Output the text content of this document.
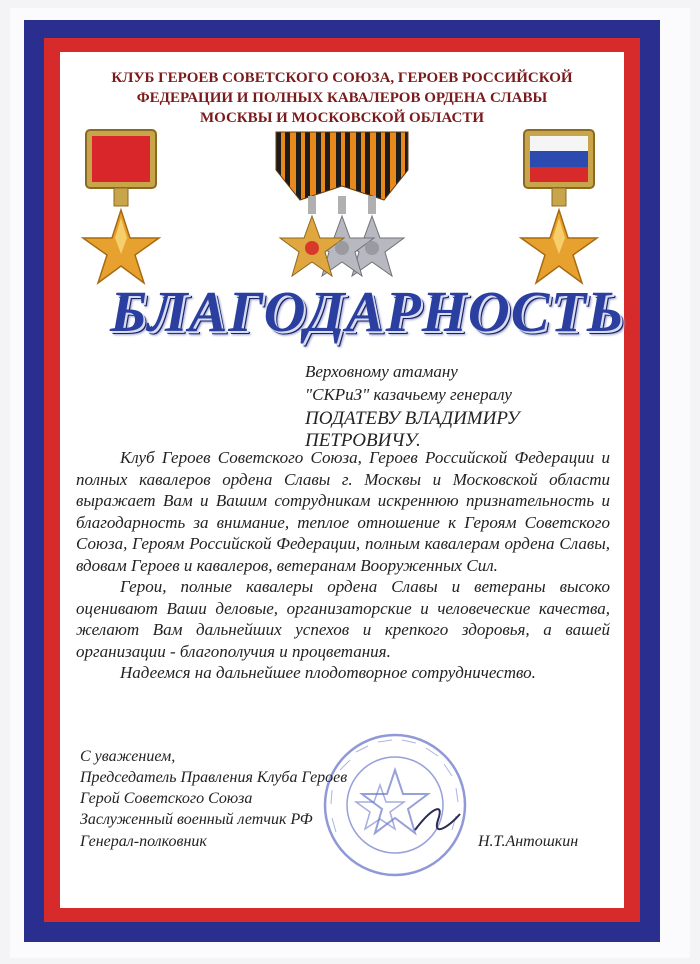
КЛУБ ГЕРОЕВ СОВЕТСКОГО СОЮЗА, ГЕРОЕВ РОССИЙСКОЙ
ФЕДЕРАЦИИ И ПОЛНЫХ КАВАЛЕРОВ ОРДЕНА СЛАВЫ
МОСКВЫ И МОСКОВСКОЙ ОБЛАСТИ
БЛАГОДАРНОСТЬ
Верховному атаману
"СКРиЗ" казачьему генералу
ПОДАТЕВУ ВЛАДИМИРУ
ПЕТРОВИЧУ.

Клуб Героев Советского Союза, Героев Российской Федерации и полных кавалеров ордена Славы г. Москвы и Московской области выражает Вам и Вашим сотрудникам искреннюю признательность и благодарность за внимание, теплое отношение к Героям Советского Союза, Героям Российской Федерации, полным кавалерам ордена Славы, вдовам Героев и кавалеров, ветеранам Вооруженных Сил.

Герои, полные кавалеры ордена Славы и ветераны высоко оценивают Ваши деловые, организаторские и человеческие качества, желают Вам дальнейших успехов и крепкого здоровья, а вашей организации - благополучия и процветания.

Надеемся на дальнейшее плодотворное сотрудничество.

С уважением,
Председатель Правления Клуба Героев
Герой Советского Союза
Заслуженный военный летчик РФ
Генерал-полковник	Н.Т.Антошкин
